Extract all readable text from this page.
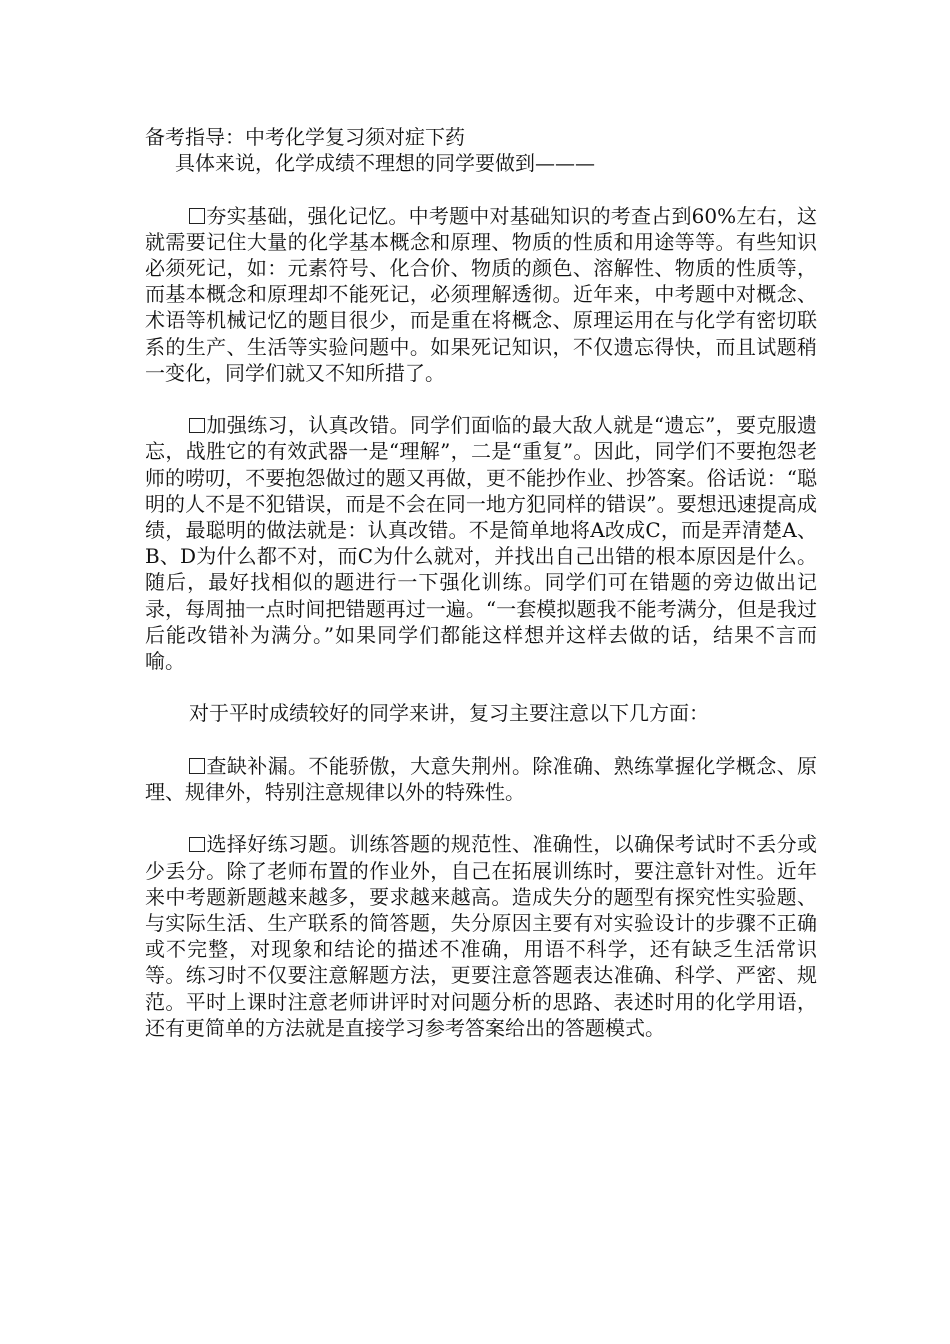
备考指导：中考化学复习须对症下药

具体来说，化学成绩不理想的同学要做到———

夯实基础，强化记忆。中考题中对基础知识的考查占到60%左右，这就需要记住大量的化学基本概念和原理、物质的性质和用途等等。有些知识必须死记，如：元素符号、化合价、物质的颜色、溶解性、物质的性质等，而基本概念和原理却不能死记，必须理解透彻。近年来，中考题中对概念、术语等机械记忆的题目很少，而是重在将概念、原理运用在与化学有密切联系的生产、生活等实验问题中。如果死记知识，不仅遗忘得快，而且试题稍一变化，同学们就又不知所措了。

加强练习，认真改错。同学们面临的最大敌人就是“遗忘”，要克服遗忘，战胜它的有效武器一是“理解”，二是“重复”。因此，同学们不要抱怨老师的唠叨，不要抱怨做过的题又再做，更不能抄作业、抄答案。俗话说：“聪明的人不是不犯错误，而是不会在同一地方犯同样的错误”。要想迅速提高成绩，最聪明的做法就是：认真改错。不是简单地将A改成C，而是弄清楚A、B、D为什么都不对，而C为什么就对，并找出自己出错的根本原因是什么。随后，最好找相似的题进行一下强化训练。同学们可在错题的旁边做出记录，每周抽一点时间把错题再过一遍。“一套模拟题我不能考满分，但是我过后能改错补为满分。”如果同学们都能这样想并这样去做的话，结果不言而喻。

对于平时成绩较好的同学来讲，复习主要注意以下几方面：

查缺补漏。不能骄傲，大意失荆州。除准确、熟练掌握化学概念、原理、规律外，特别注意规律以外的特殊性。

选择好练习题。训练答题的规范性、准确性，以确保考试时不丢分或少丢分。除了老师布置的作业外，自己在拓展训练时，要注意针对性。近年来中考题新题越来越多，要求越来越高。造成失分的题型有探究性实验题、与实际生活、生产联系的简答题，失分原因主要有对实验设计的步骤不正确或不完整，对现象和结论的描述不准确，用语不科学，还有缺乏生活常识等。练习时不仅要注意解题方法，更要注意答题表达准确、科学、严密、规范。平时上课时注意老师讲评时对问题分析的思路、表述时用的化学用语，还有更简单的方法就是直接学习参考答案给出的答题模式。
